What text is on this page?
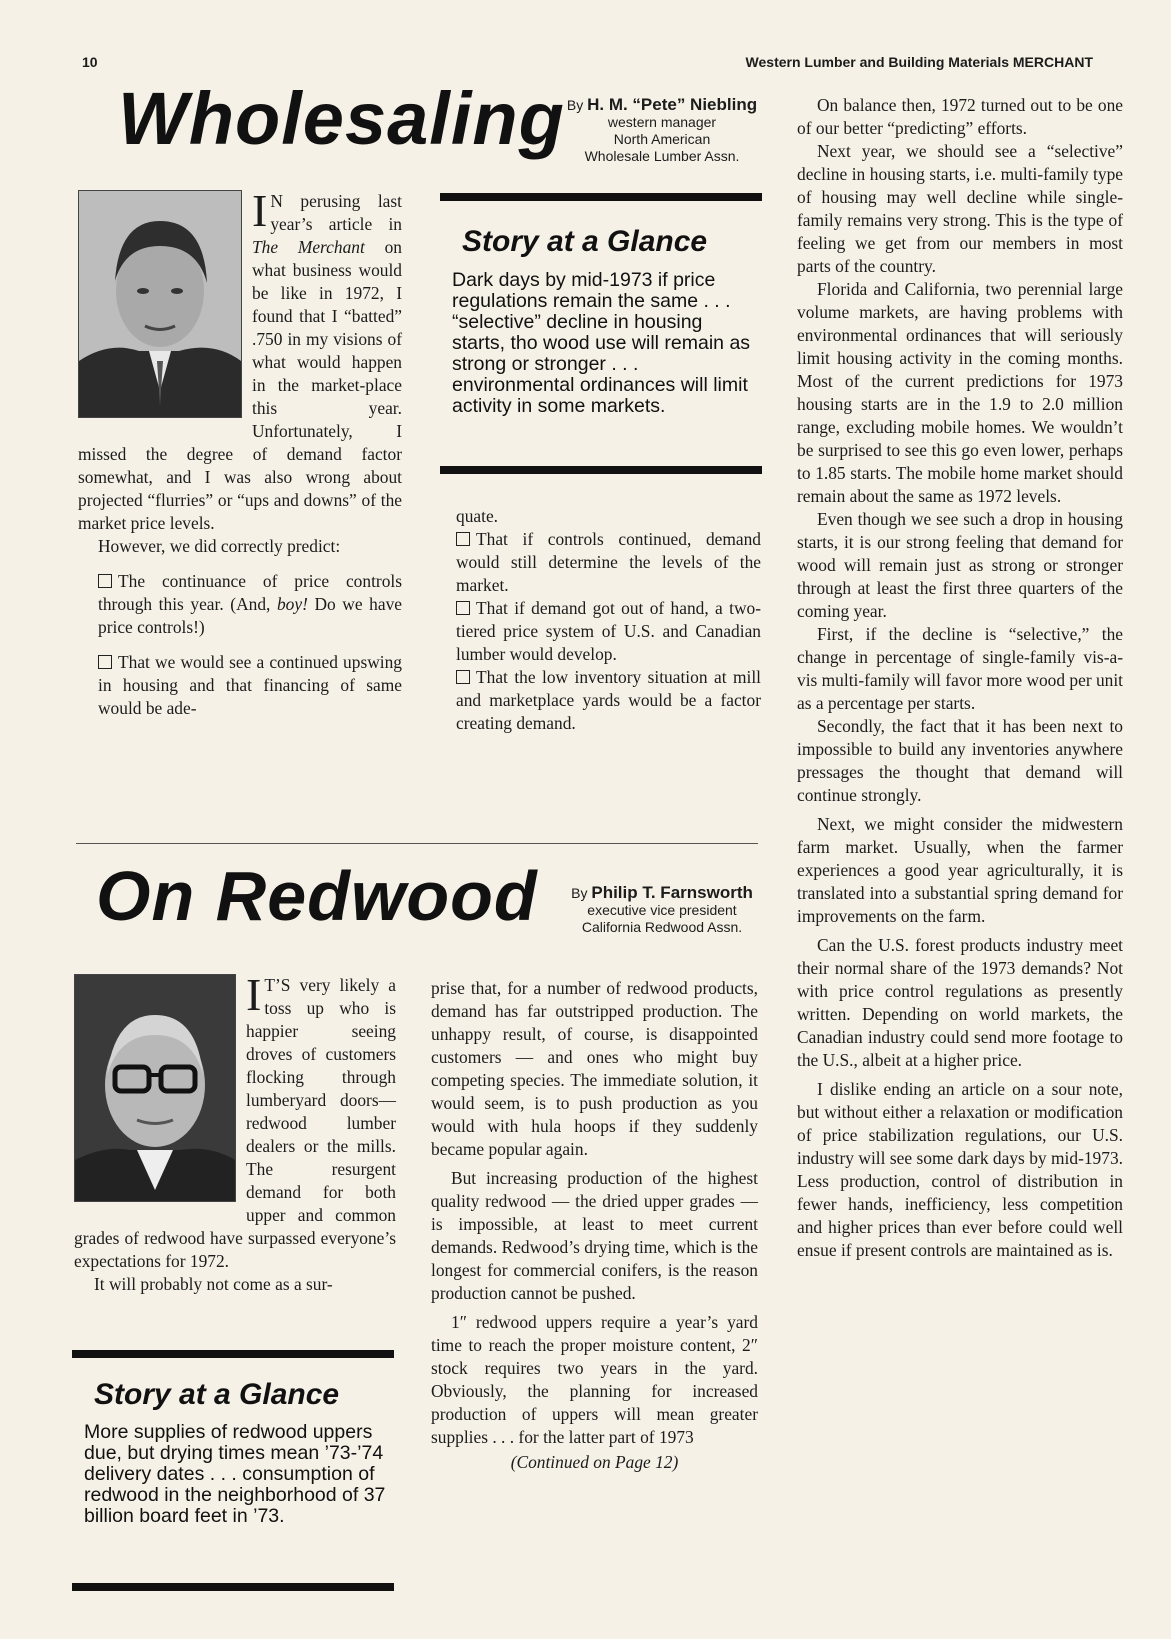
10	Western Lumber and Building Materials MERCHANT
Wholesaling By H. M. “Pete” Niebling
western manager
North American
Wholesale Lumber Assn.

I N perusing last year’s article in The Merchant on what business would be like in 1972, I found that I “batted” .750 in my visions of what would happen in the market-place this year. Unfortunately, I missed the degree of demand factor somewhat, and I was also wrong about projected “flurries” or “ups and downs” of the market price levels.

However, we did correctly predict:

The continuance of price controls through this year. (And, boy! Do we have price controls!)

That we would see a continued upswing in housing and that financing of same would be ade-

Story at a Glance
Dark days by mid-1973 if price regulations remain the same . . . “selective” decline in housing starts, tho wood use will remain as strong or stronger . . . environmental ordinances will limit activity in some markets.

quate.

That if controls continued, demand would still determine the levels of the market.

That if demand got out of hand, a two-tiered price system of U.S. and Canadian lumber would develop.

That the low inventory situation at mill and marketplace yards would be a factor creating demand.

On balance then, 1972 turned out to be one of our better “predicting” efforts.

Next year, we should see a “selective” decline in housing starts, i.e. multi-family type of housing may well decline while single-family remains very strong. This is the type of feeling we get from our members in most parts of the country.

Florida and California, two perennial large volume markets, are having problems with environmental ordinances that will seriously limit housing activity in the coming months. Most of the current predictions for 1973 housing starts are in the 1.9 to 2.0 million range, excluding mobile homes. We wouldn’t be surprised to see this go even lower, perhaps to 1.85 starts. The mobile home market should remain about the same as 1972 levels.

Even though we see such a drop in housing starts, it is our strong feeling that demand for wood will remain just as strong or stronger through at least the first three quarters of the coming year.

First, if the decline is “selective,” the change in percentage of single-family vis-a-vis multi-family will favor more wood per unit as a percentage per starts.

Secondly, the fact that it has been next to impossible to build any inventories anywhere pressages the thought that demand will continue strongly.

Next, we might consider the midwestern farm market. Usually, when the farmer experiences a good year agriculturally, it is translated into a substantial spring demand for improvements on the farm.

Can the U.S. forest products industry meet their normal share of the 1973 demands? Not with price control regulations as presently written. Depending on world markets, the Canadian industry could send more footage to the U.S., albeit at a higher price.

I dislike ending an article on a sour note, but without either a relaxation or modification of price stabilization regulations, our U.S. industry will see some dark days by mid-1973. Less production, control of distribution in fewer hands, inefficiency, less competition and higher prices than ever before could well ensue if present controls are maintained as is.

On Redwood	By Philip T. Farnsworth
executive vice president
California Redwood Assn.

I T’S very likely a toss up who is happier seeing droves of customers flocking through lumberyard doors—redwood lumber dealers or the mills. The resurgent demand for both upper and common grades of redwood have surpassed everyone’s expectations for 1972.

It will probably not come as a sur-

Story at a Glance
More supplies of redwood uppers due, but drying times mean ’73-’74 delivery dates . . . consumption of redwood in the neighborhood of 37 billion board feet in ’73.

prise that, for a number of redwood products, demand has far outstripped production. The unhappy result, of course, is disappointed customers — and ones who might buy competing species. The immediate solution, it would seem, is to push production as you would with hula hoops if they suddenly became popular again.

But increasing production of the highest quality redwood — the dried upper grades — is impossible, at least to meet current demands. Redwood’s drying time, which is the longest for commercial conifers, is the reason production cannot be pushed.

1″ redwood uppers require a year’s yard time to reach the proper moisture content, 2″ stock requires two years in the yard. Obviously, the planning for increased production of uppers will mean greater supplies . . . for the latter part of 1973

(Continued on Page 12)
